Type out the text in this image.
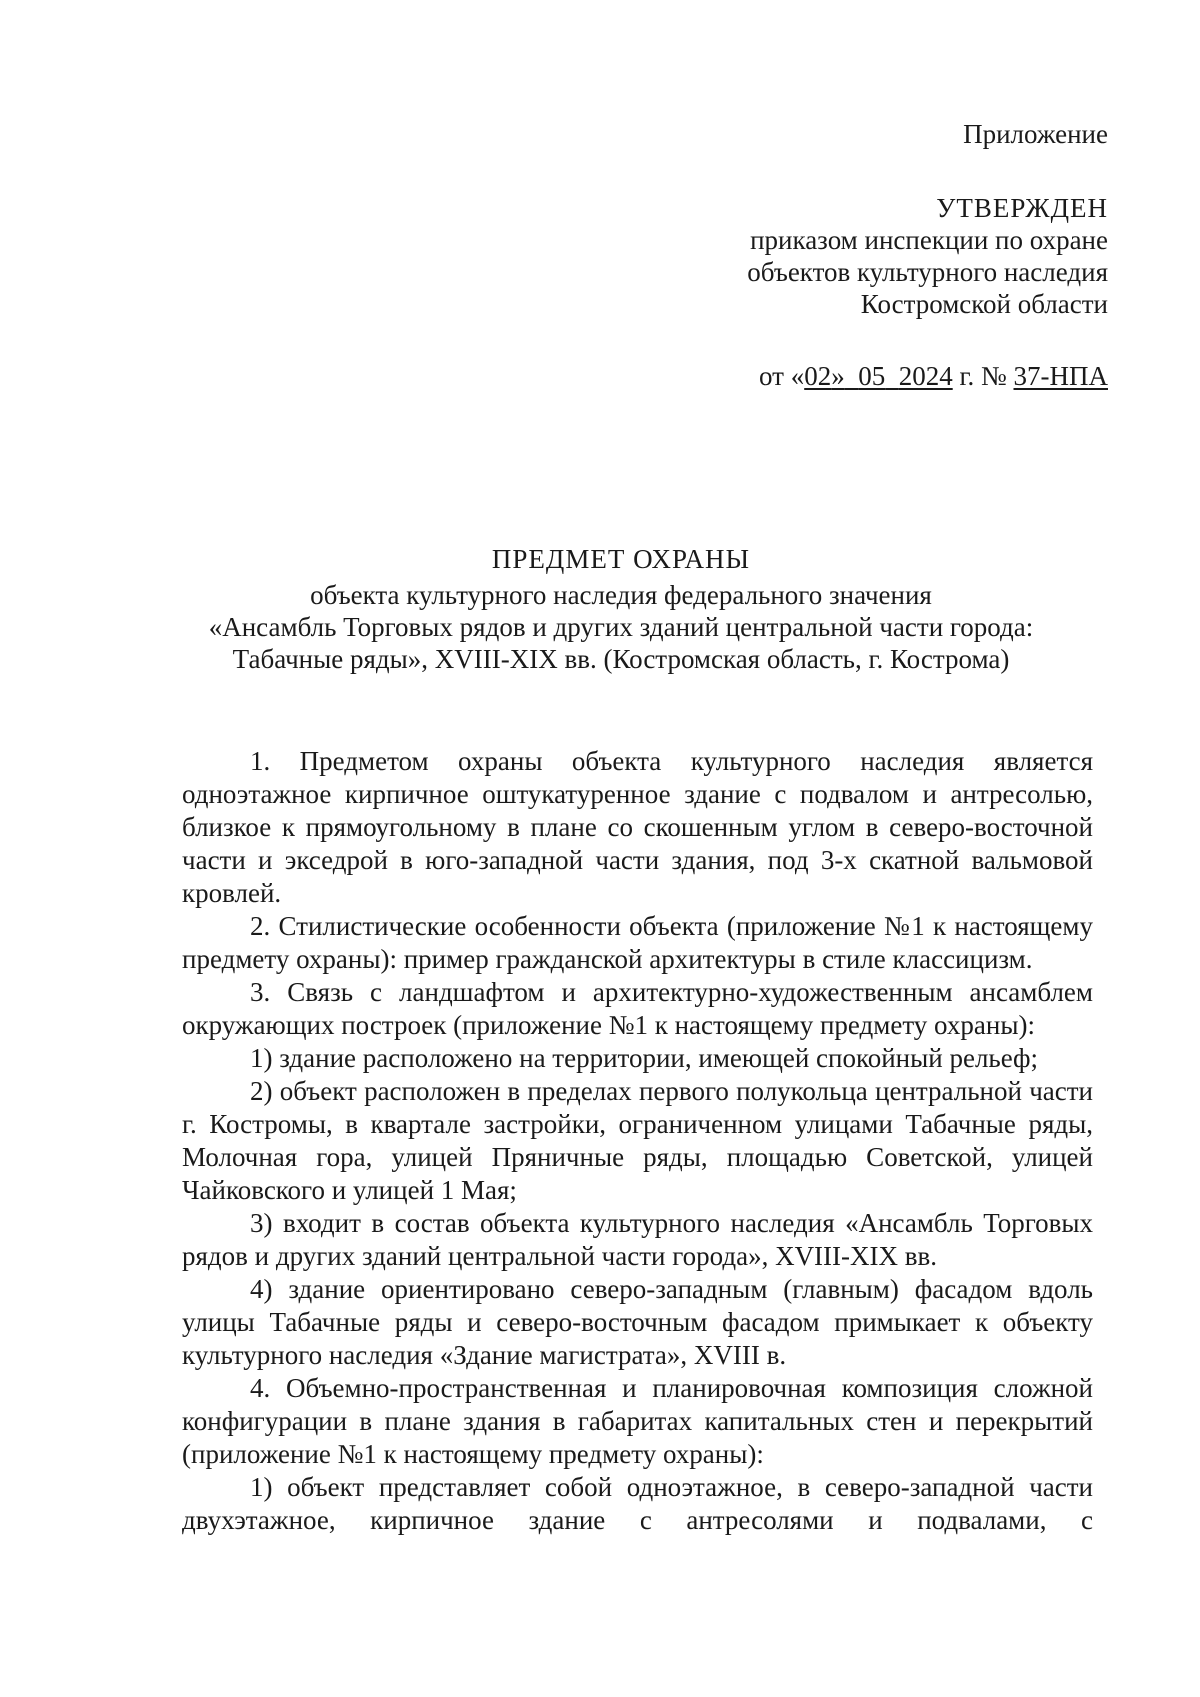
Приложение
УТВЕРЖДЕН
приказом инспекции по охране
объектов культурного наследия
Костромской области
от «02» 05 2024 г. № 37-НПА
ПРЕДМЕТ ОХРАНЫ
объекта культурного наследия федерального значения
«Ансамбль Торговых рядов и других зданий центральной части города:
Табачные ряды», XVIII-XIX вв. (Костромская область, г. Кострома)

1. Предметом охраны объекта культурного наследия является одноэтажное кирпичное оштукатуренное здание с подвалом и антресолью, близкое к прямоугольному в плане со скошенным углом в северо-восточной части и экседрой в юго-западной части здания, под 3-х скатной вальмовой кровлей.

2. Стилистические особенности объекта (приложение №1 к настоящему предмету охраны): пример гражданской архитектуры в стиле классицизм.

3. Связь с ландшафтом и архитектурно-художественным ансамблем окружающих построек (приложение №1 к настоящему предмету охраны):

1) здание расположено на территории, имеющей спокойный рельеф;

2) объект расположен в пределах первого полукольца центральной части г. Костромы, в квартале застройки, ограниченном улицами Табачные ряды, Молочная гора, улицей Пряничные ряды, площадью Советской, улицей Чайковского и улицей 1 Мая;

3) входит в состав объекта культурного наследия «Ансамбль Торговых рядов и других зданий центральной части города», XVIII-XIX вв.

4) здание ориентировано северо-западным (главным) фасадом вдоль улицы Табачные ряды и северо-восточным фасадом примыкает к объекту культурного наследия «Здание магистрата», XVIII в.

4. Объемно-пространственная и планировочная композиция сложной конфигурации в плане здания в габаритах капитальных стен и перекрытий (приложение №1 к настоящему предмету охраны):

1) объект представляет собой одноэтажное, в северо-западной части двухэтажное, кирпичное здание с антресолями и подвалами, с
